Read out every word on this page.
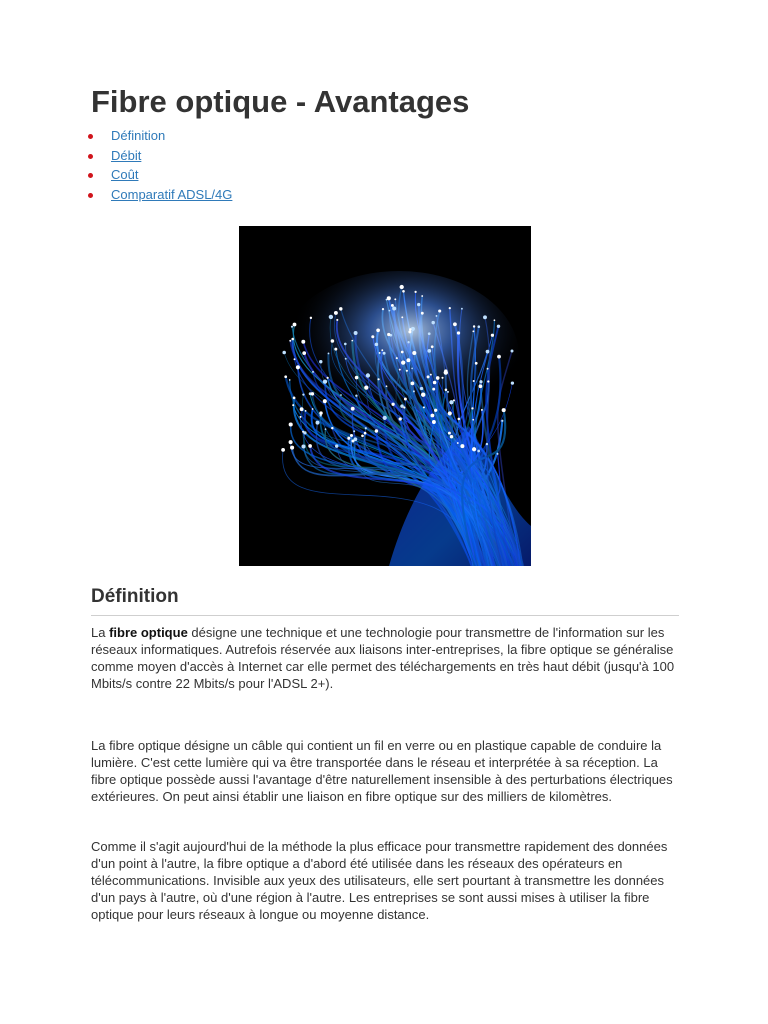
Fibre optique - Avantages
Définition
Débit
Coût
Comparatif ADSL/4G
Définition

La fibre optique désigne une technique et une technologie pour transmettre de l'information sur les réseaux informatiques. Autrefois réservée aux liaisons inter-entreprises, la fibre optique se généralise comme moyen d'accès à Internet car elle permet des téléchargements en très haut débit (jusqu'à 100 Mbits/s contre 22 Mbits/s pour l'ADSL 2+).

La fibre optique désigne un câble qui contient un fil en verre ou en plastique capable de conduire la lumière. C'est cette lumière qui va être transportée dans le réseau et interprétée à sa réception. La fibre optique possède aussi l'avantage d'être naturellement insensible à des perturbations électriques extérieures. On peut ainsi établir une liaison en fibre optique sur des milliers de kilomètres.

Comme il s'agit aujourd'hui de la méthode la plus efficace pour transmettre rapidement des données d'un point à l'autre, la fibre optique a d'abord été utilisée dans les réseaux des opérateurs en télécommunications. Invisible aux yeux des utilisateurs, elle sert pourtant à transmettre les données d'un pays à l'autre, où d'une région à l'autre. Les entreprises se sont aussi mises à utiliser la fibre optique pour leurs réseaux à longue ou moyenne distance.
